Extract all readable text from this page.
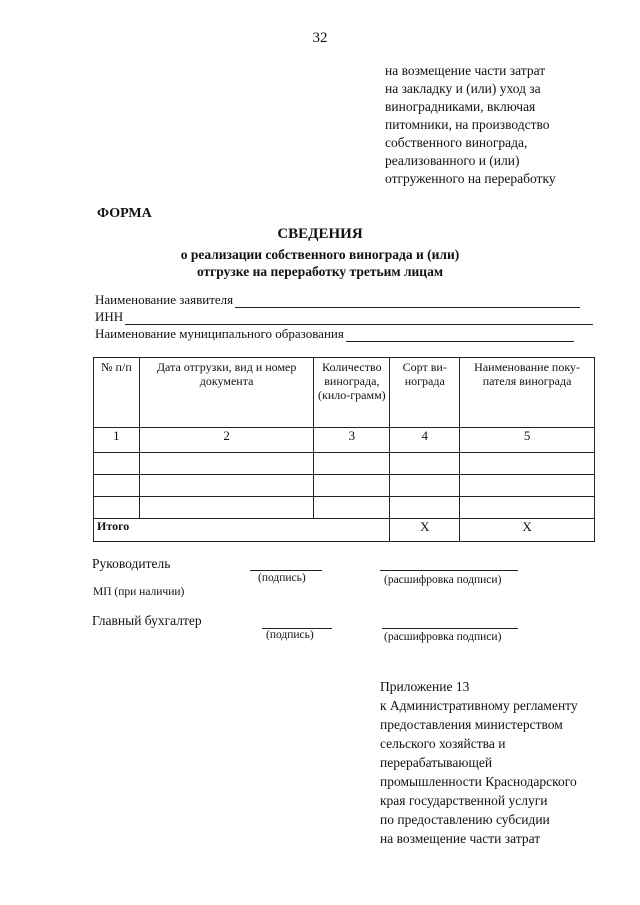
32
на возмещение части затрат
на закладку и (или) уход за
виноградниками, включая
питомники, на производство
собственного винограда,
реализованного и (или)
отгруженного на переработку
ФОРМА
СВЕДЕНИЯ
о реализации собственного винограда и (или)
отгрузке на переработку третьим лицам
Наименование заявителя
ИНН
Наименование муниципального образования
№ п/п	Дата отгрузки, вид и номер документа	Количество винограда, (кило-грамм)	Сорт ви-нограда	Наименование поку-пателя винограда
1	2	3	4	5

Итого			Х	Х
Руководитель
(подпись)	(расшифровка подписи)
МП (при наличии)
Главный бухгалтер
(подпись)	(расшифровка подписи)
Приложение 13
к Административному регламенту
предоставления министерством
сельского хозяйства и
перерабатывающей
промышленности Краснодарского
края государственной услуги
по предоставлению субсидии
на возмещение части затрат
